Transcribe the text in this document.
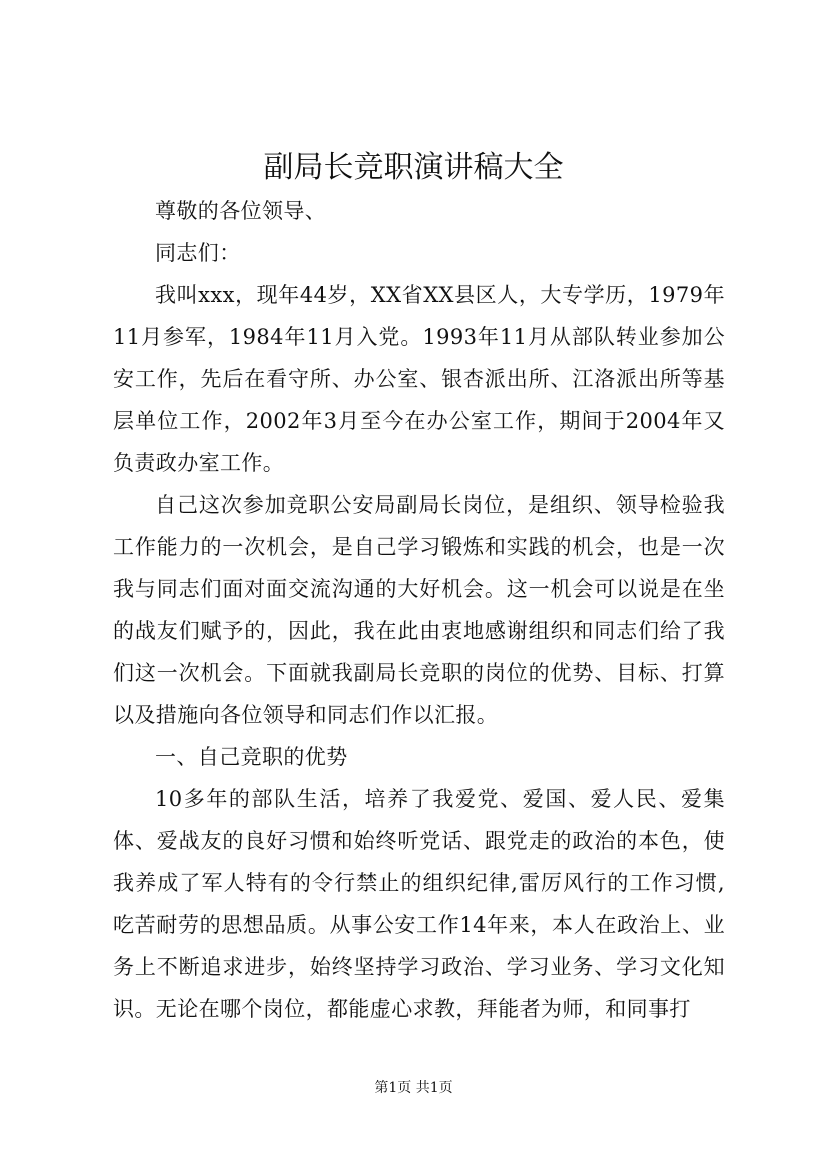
副局长竞职演讲稿大全

尊敬的各位领导、

同志们：

我叫xxx，现年44岁，XX省XX县区人，大专学历，1979年11月参军，1984年11月入党。1993年11月从部队转业参加公安工作，先后在看守所、办公室、银杏派出所、江洛派出所等基层单位工作，2002年3月至今在办公室工作，期间于2004年又负责政办室工作。

自己这次参加竞职公安局副局长岗位，是组织、领导检验我工作能力的一次机会，是自己学习锻炼和实践的机会，也是一次我与同志们面对面交流沟通的大好机会。这一机会可以说是在坐的战友们赋予的，因此，我在此由衷地感谢组织和同志们给了我们这一次机会。下面就我副局长竞职的岗位的优势、目标、打算以及措施向各位领导和同志们作以汇报。

一、自己竞职的优势

10多年的部队生活，培养了我爱党、爱国、爱人民、爱集体、爱战友的良好习惯和始终听党话、跟党走的政治的本色，使我养成了军人特有的令行禁止的组织纪律,雷厉风行的工作习惯,吃苦耐劳的思想品质。从事公安工作14年来，本人在政治上、业务上不断追求进步，始终坚持学习政治、学习业务、学习文化知识。无论在哪个岗位，都能虚心求教，拜能者为师，和同事打

第1页 共1页
